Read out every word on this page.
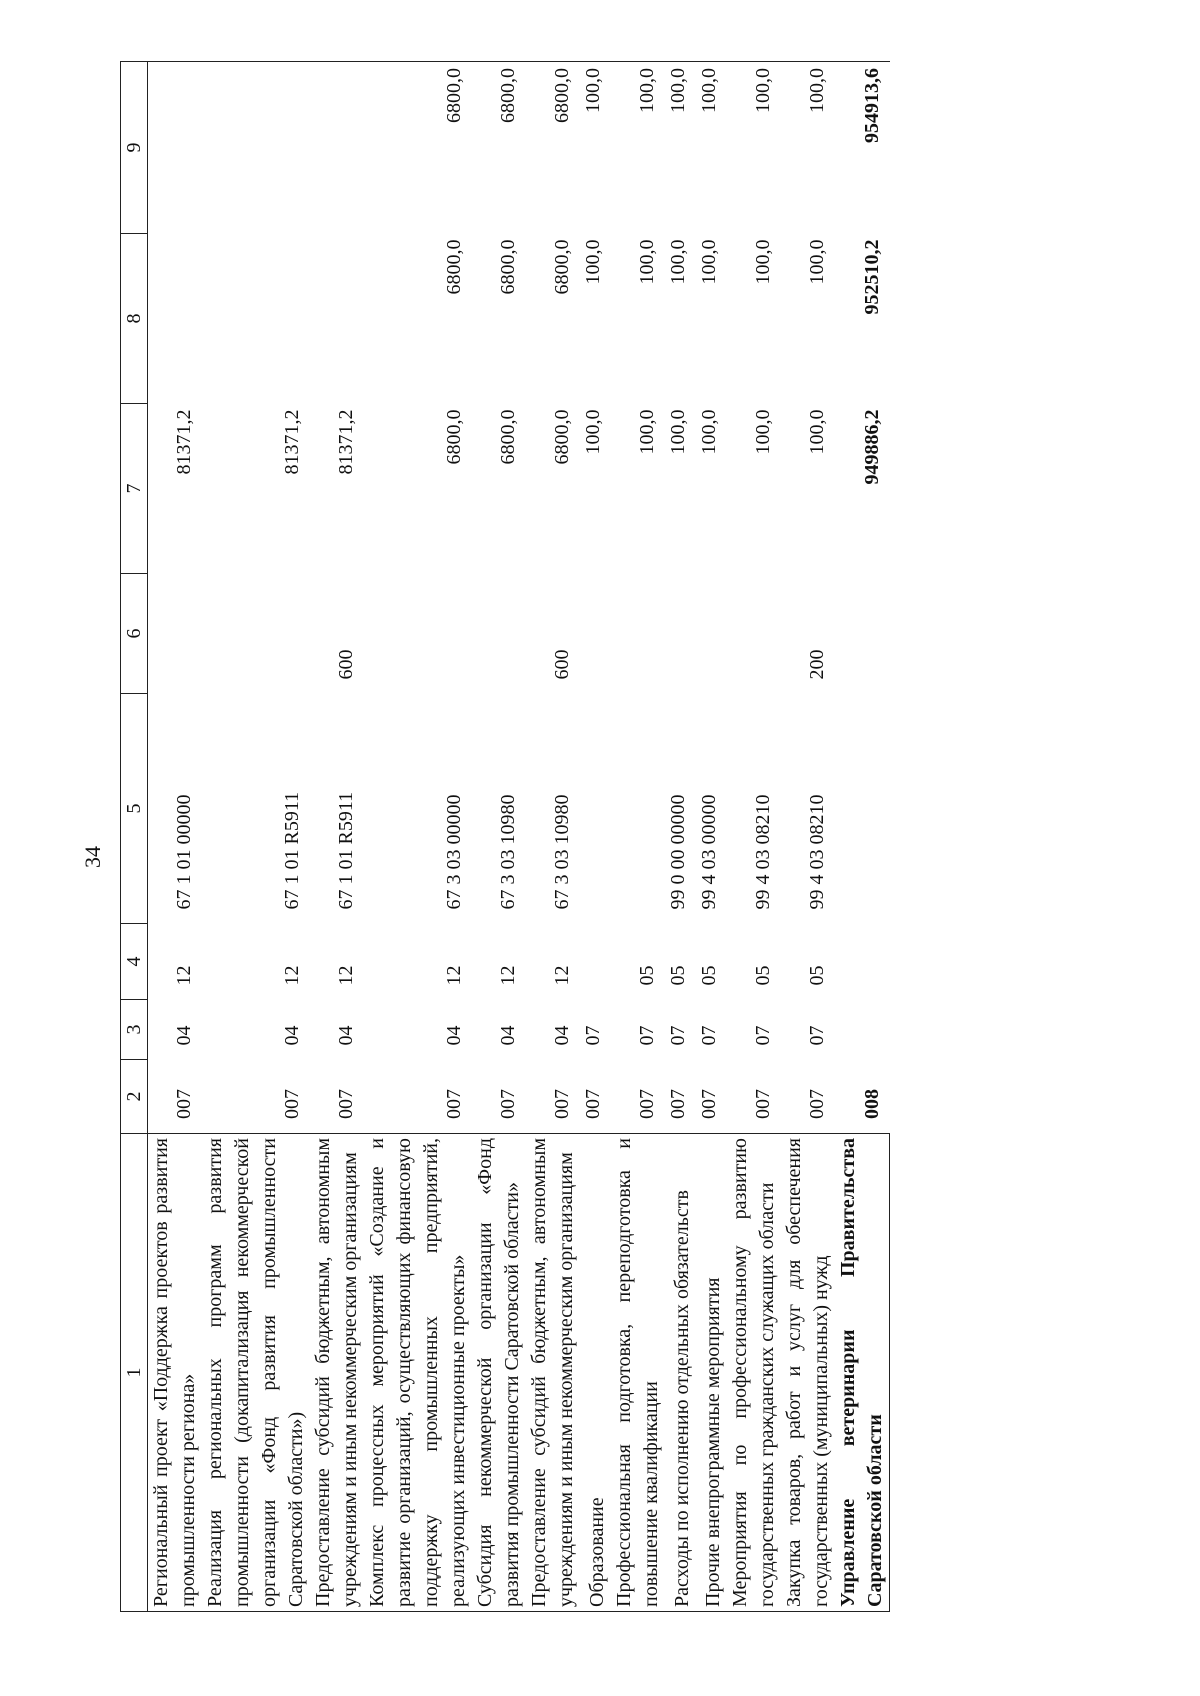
34
1	2	3	4	5	6	7	8	9
Региональный проект «Поддержка проектов развития промышленности региона»	007	04	12	67 1 01 00000		81371,2		
Реализация региональных программ развития промышленности (докапитализация некоммерческой организации «Фонд развития промышленности Саратовской области»)	007	04	12	67 1 01 R5911		81371,2		
Предоставление субсидий бюджетным, автономным учреждениям и иным некоммерческим организациям	007	04	12	67 1 01 R5911	600	81371,2		
Комплекс процессных мероприятий «Создание и развитие организаций, осуществляющих финансовую поддержку промышленных предприятий, реализующих инвестиционные проекты»	007	04	12	67 3 03 00000		6800,0	6800,0	6800,0
Субсидия некоммерческой организации «Фонд развития промышленности Саратовской области»	007	04	12	67 3 03 10980		6800,0	6800,0	6800,0
Предоставление субсидий бюджетным, автономным учреждениям и иным некоммерческим организациям	007	04	12	67 3 03 10980	600	6800,0	6800,0	6800,0
Образование	007	07				100,0	100,0	100,0
Профессиональная подготовка, переподготовка и повышение квалификации	007	07	05			100,0	100,0	100,0
Расходы по исполнению отдельных обязательств	007	07	05	99 0 00 00000		100,0	100,0	100,0
Прочие внепрограммные мероприятия	007	07	05	99 4 03 00000		100,0	100,0	100,0
Мероприятия по профессиональному развитию государственных гражданских служащих области	007	07	05	99 4 03 08210		100,0	100,0	100,0
Закупка товаров, работ и услуг для обеспечения государственных (муниципальных) нужд	007	07	05	99 4 03 08210	200	100,0	100,0	100,0
Управление ветеринарии Правительства Саратовской области	008					949886,2	952510,2	954913,6
